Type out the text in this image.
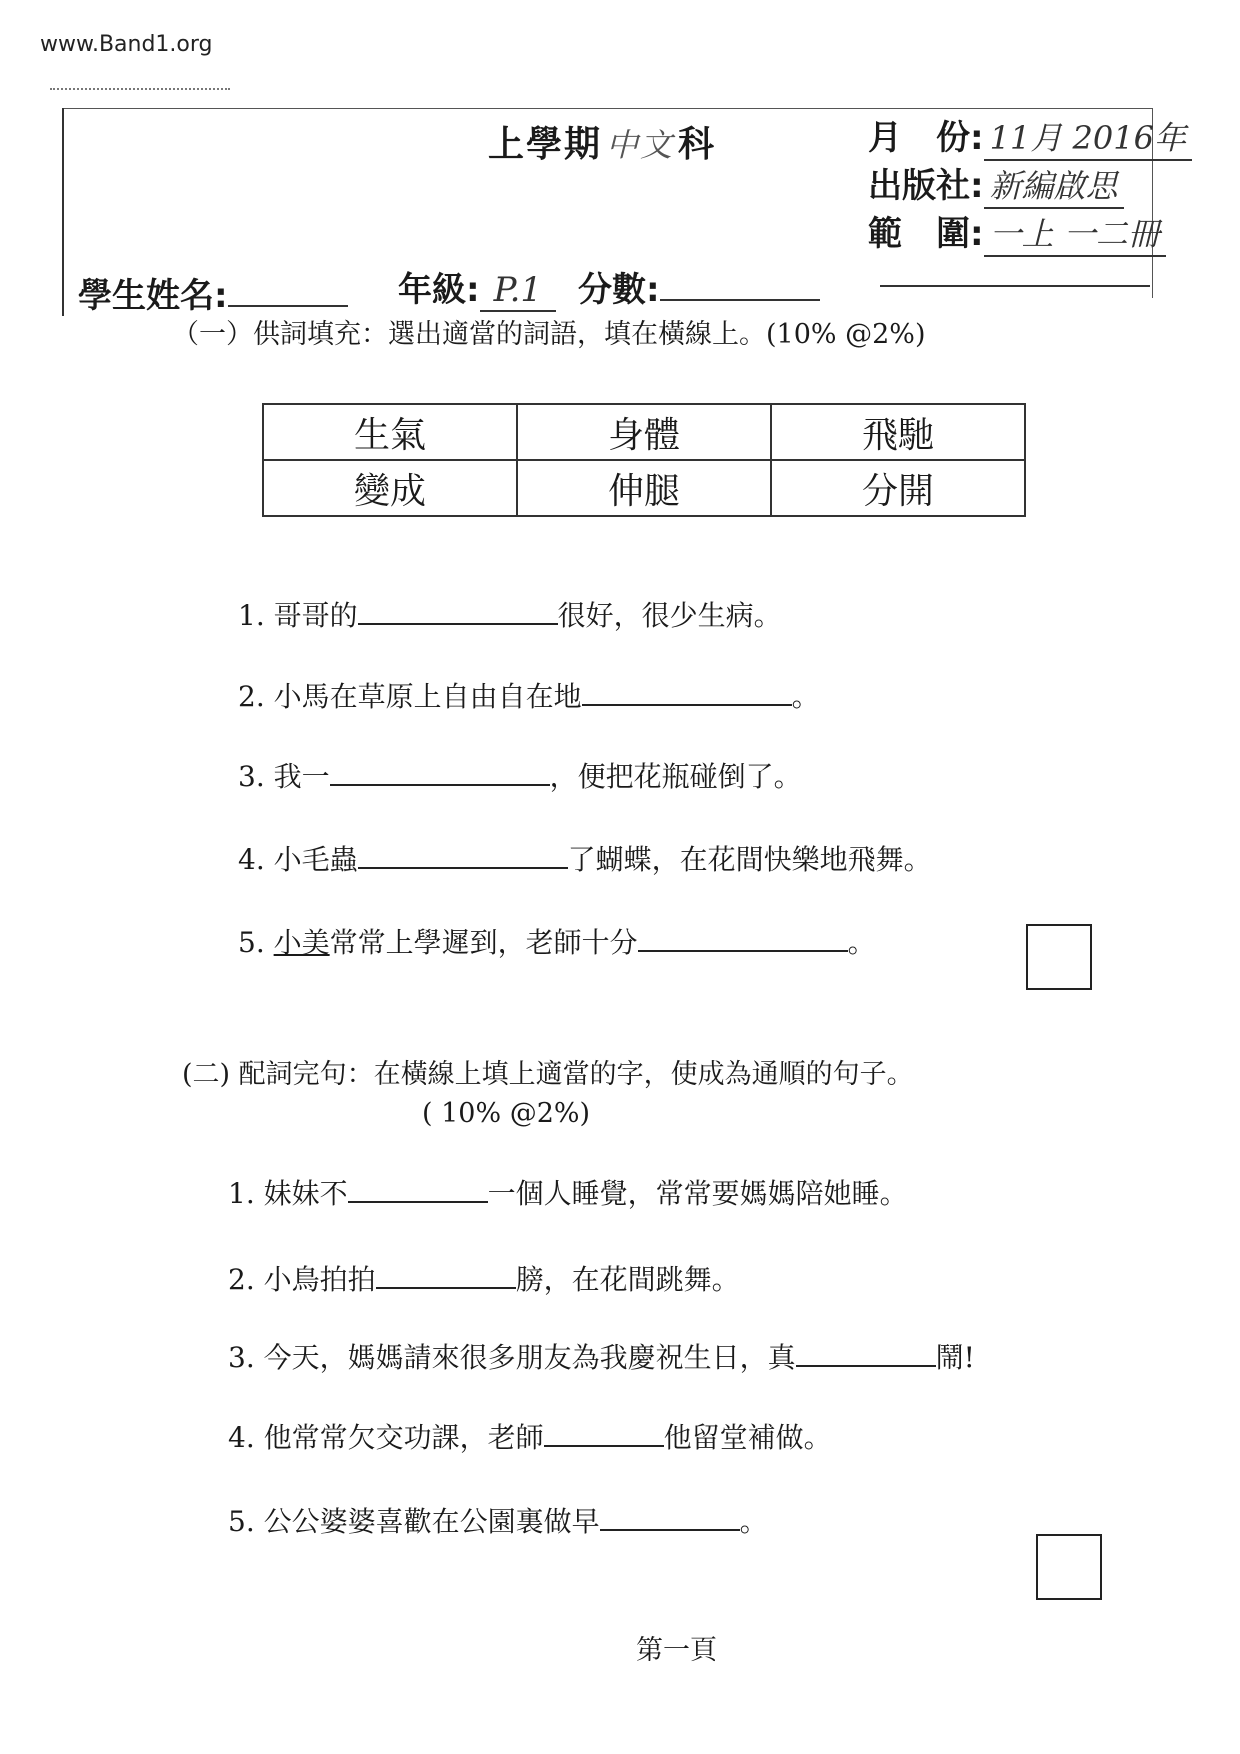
www.Band1.org
上學期 中文 科	月　份: 11月 2016年
出版社: 新編啟思
範　圍: 一上 一二冊
學生姓名:	年級: P.1	分數:
（一）供詞填充：選出適當的詞語，填在橫線上。(10% @2%)
生氣	身體	飛馳
變成	伸腿	分開
1. 哥哥的	很好，很少生病。
2. 小馬在草原上自由自在地	。
3. 我一	，便把花瓶碰倒了。
4. 小毛蟲	了蝴蝶，在花間快樂地飛舞。
5. 小美常常上學遲到，老師十分	。
(二) 配詞完句：在橫線上填上適當的字，使成為通順的句子。
( 10% @2%)
1. 妹妹不	一個人睡覺，常常要媽媽陪她睡。
2. 小鳥拍拍	膀，在花間跳舞。
3. 今天，媽媽請來很多朋友為我慶祝生日，真	鬧!
4. 他常常欠交功課，老師	他留堂補做。
5. 公公婆婆喜歡在公園裏做早	。
第一頁
